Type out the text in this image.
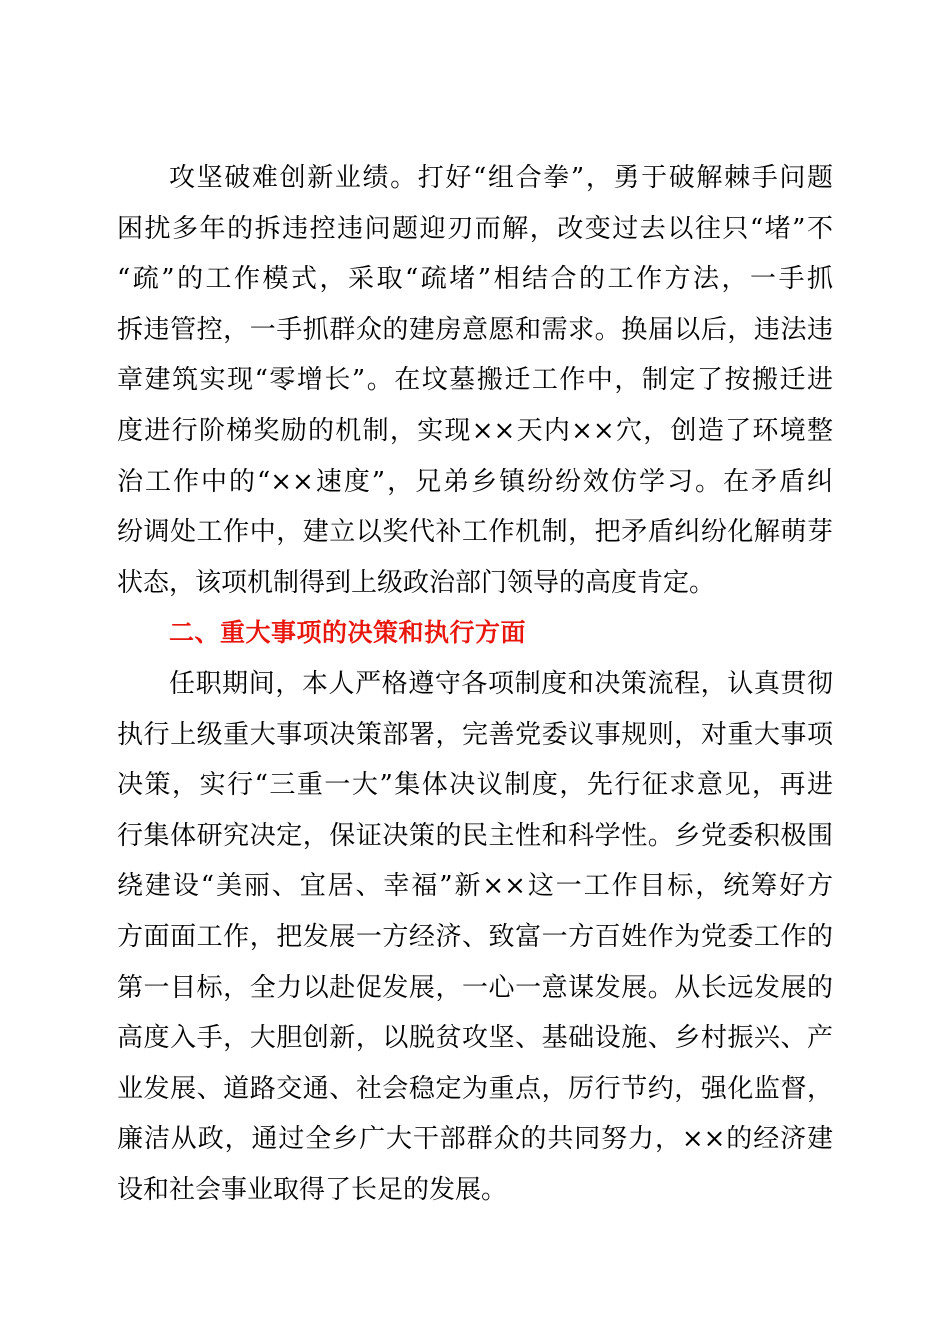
攻坚破难创新业绩。打好“组合拳”，勇于破解棘手问题
困扰多年的拆违控违问题迎刃而解，改变过去以往只“堵”不
“疏”的工作模式，采取“疏堵”相结合的工作方法，一手抓
拆违管控，一手抓群众的建房意愿和需求。换届以后，违法违
章建筑实现“零增长”。在坟墓搬迁工作中，制定了按搬迁进
度进行阶梯奖励的机制，实现××天内××穴，创造了环境整
治工作中的“××速度”，兄弟乡镇纷纷效仿学习。在矛盾纠
纷调处工作中，建立以奖代补工作机制，把矛盾纠纷化解萌芽
状态，该项机制得到上级政治部门领导的高度肯定。
二、重大事项的决策和执行方面
任职期间，本人严格遵守各项制度和决策流程，认真贯彻
执行上级重大事项决策部署，完善党委议事规则，对重大事项
决策，实行“三重一大”集体决议制度，先行征求意见，再进
行集体研究决定，保证决策的民主性和科学性。乡党委积极围
绕建设“美丽、宜居、幸福”新××这一工作目标，统筹好方
方面面工作，把发展一方经济、致富一方百姓作为党委工作的
第一目标，全力以赴促发展，一心一意谋发展。从长远发展的
高度入手，大胆创新，以脱贫攻坚、基础设施、乡村振兴、产
业发展、道路交通、社会稳定为重点，厉行节约，强化监督，
廉洁从政，通过全乡广大干部群众的共同努力，××的经济建
设和社会事业取得了长足的发展。
